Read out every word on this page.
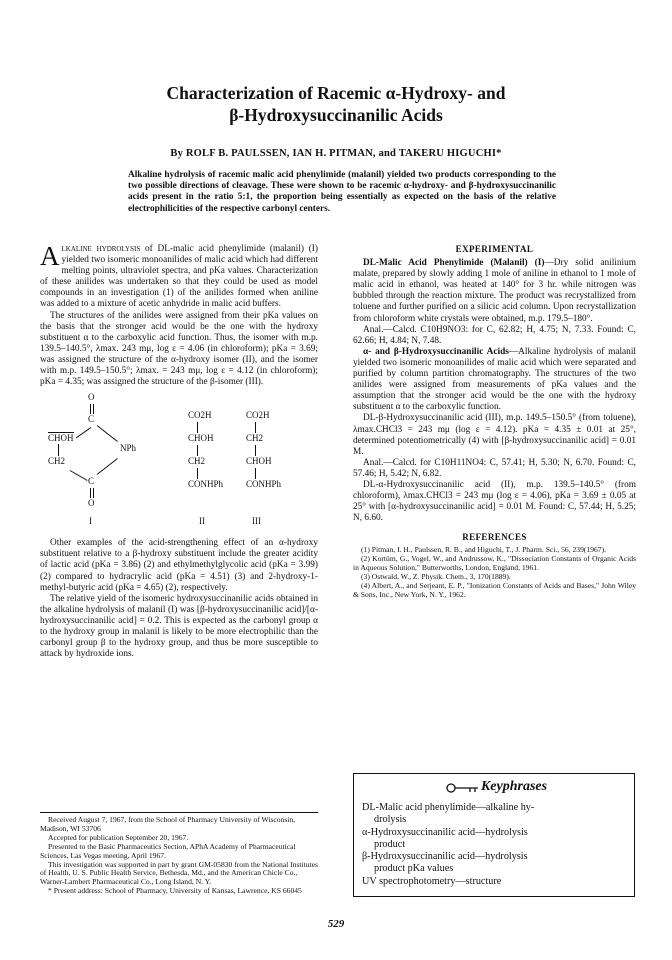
Characterization of Racemic α-Hydroxy- and
β-Hydroxysuccinanilic Acids
By ROLF B. PAULSSEN, IAN H. PITMAN, and TAKERU HIGUCHI*
Alkaline hydrolysis of racemic malic acid phenylimide (malanil) yielded two products corresponding to the two possible directions of cleavage. These were shown to be racemic α-hydroxy- and β-hydroxysuccinanilic acids present in the ratio 5:1, the proportion being essentially as expected on the basis of the relative electrophilicities of the respective carbonyl centers.

Alkaline hydrolysis of DL-malic acid phenylimide (malanil) (I) yielded two isomeric monoanilides of malic acid which had different melting points, ultraviolet spectra, and pKa values. Characterization of these anilides was undertaken so that they could be used as model compounds in an investigation (1) of the anilides formed when aniline was added to a mixture of acetic anhydride in malic acid buffers.

The structures of the anilides were assigned from their pKa values on the basis that the stronger acid would be the one with the hydroxy substituent α to the carboxylic acid function. Thus, the isomer with m.p. 139.5–140.5°, λmax. 243 mμ, log ε = 4.06 (in chloroform); pKa = 3.69; was assigned the structure of the α-hydroxy isomer (II), and the isomer with m.p. 149.5–150.5°; λmax. = 243 mμ, log ε = 4.12 (in chloroform); pKa = 4.35; was assigned the structure of the β-isomer (III).

O
C
CHOH
NPh
CH2
C
O
I
CO2H
CHOH
CH2
CONHPh
II
CO2H
CH2
CHOH
CONHPh
III

Other examples of the acid-strengthening effect of an α-hydroxy substituent relative to a β-hydroxy substituent include the greater acidity of lactic acid (pKa = 3.86) (2) and ethylmethylglycolic acid (pKa = 3.99) (2) compared to hydracrylic acid (pKa = 4.51) (3) and 2-hydroxy-1-methyl-butyric acid (pKa = 4.65) (2), respectively.

The relative yield of the isomeric hydroxysuccinanilic acids obtained in the alkaline hydrolysis of malanil (I) was [β-hydroxysuccinanilic acid]/[α-hydroxysuccinanilic acid] = 0.2. This is expected as the carbonyl group α to the hydroxy group in malanil is likely to be more electrophilic than the carbonyl group β to the hydroxy group, and thus be more susceptible to attack by hydroxide ions.

Received August 7, 1967, from the School of Pharmacy University of Wisconsin, Madison, WI 53706

Accepted for publication September 20, 1967.

Presented to the Basic Pharmaceutics Section, APhA Academy of Pharmaceutical Sciences, Las Vegas meeting, April 1967.

This investigation was supported in part by grant GM-05830 from the National Institutes of Health, U. S. Public Health Service, Bethesda, Md., and the American Chicle Co., Warner-Lambert Pharmaceutical Co., Long Island, N. Y.

* Present address: School of Pharmacy, University of Kansas, Lawrence, KS 66045

EXPERIMENTAL

DL-Malic Acid Phenylimide (Malanil) (I)—Dry solid anilinium malate, prepared by slowly adding 1 mole of aniline in ethanol to 1 mole of malic acid in ethanol, was heated at 140° for 3 hr. while nitrogen was bubbled through the reaction mixture. The product was recrystallized from toluene and further purified on a silicic acid column. Upon recrystallization from chloroform white crystals were obtained, m.p. 179.5–180°.

Anal.—Calcd. C10H9NO3: for C, 62.82; H, 4.75; N, 7.33. Found: C, 62.66; H, 4.84; N, 7.48.

α- and β-Hydroxysuccinanilic Acids—Alkaline hydrolysis of malanil yielded two isomeric monoanilides of malic acid which were separated and purified by column partition chromatography. The structures of the two anilides were assigned from measurements of pKa values and the assumption that the stronger acid would be the one with the hydroxy substituent α to the carboxylic function.

DL-β-Hydroxysuccinanilic acid (III), m.p. 149.5–150.5° (from toluene), λmax.CHCl3 = 243 mμ (log ε = 4.12). pKa = 4.35 ± 0.01 at 25°, determined potentiometrically (4) with [β-hydroxysuccinanilic acid] = 0.01 M.

Anal.—Calcd. for C10H11NO4: C, 57.41; H, 5.30; N, 6.70. Found: C, 57.46; H, 5.42; N, 6.82.

DL-α-Hydroxysuccinanilic acid (II), m.p. 139.5–140.5° (from chloroform), λmax.CHCl3 = 243 mμ (log ε = 4.06), pKa = 3.69 ± 0.05 at 25° with [α-hydroxysuccinanilic acid] = 0.01 M. Found: C, 57.44; H, 5.25; N, 6.60.

REFERENCES

(1) Pitman, I. H., Paulssen, R. B., and Higuchi, T., J. Pharm. Sci., 56, 239(1967).

(2) Kortüm, G., Vogel, W., and Andrussow, K., "Dissociation Constants of Organic Acids in Aqueous Solution," Butterworths, London, England, 1961.

(3) Ostwald, W., Z. Physik. Chem., 3, 170(1889).

(4) Albert, A., and Serjeant, E. P., "Ionization Constants of Acids and Bases," John Wiley & Sons, Inc., New York, N. Y., 1962.

Keyphrases
DL-Malic acid phenylimide—alkaline hy-
drolysis
α-Hydroxysuccinanilic acid—hydrolysis
product
β-Hydroxysuccinanilic acid—hydrolysis
product pKa values
UV spectrophotometry—structure
529
